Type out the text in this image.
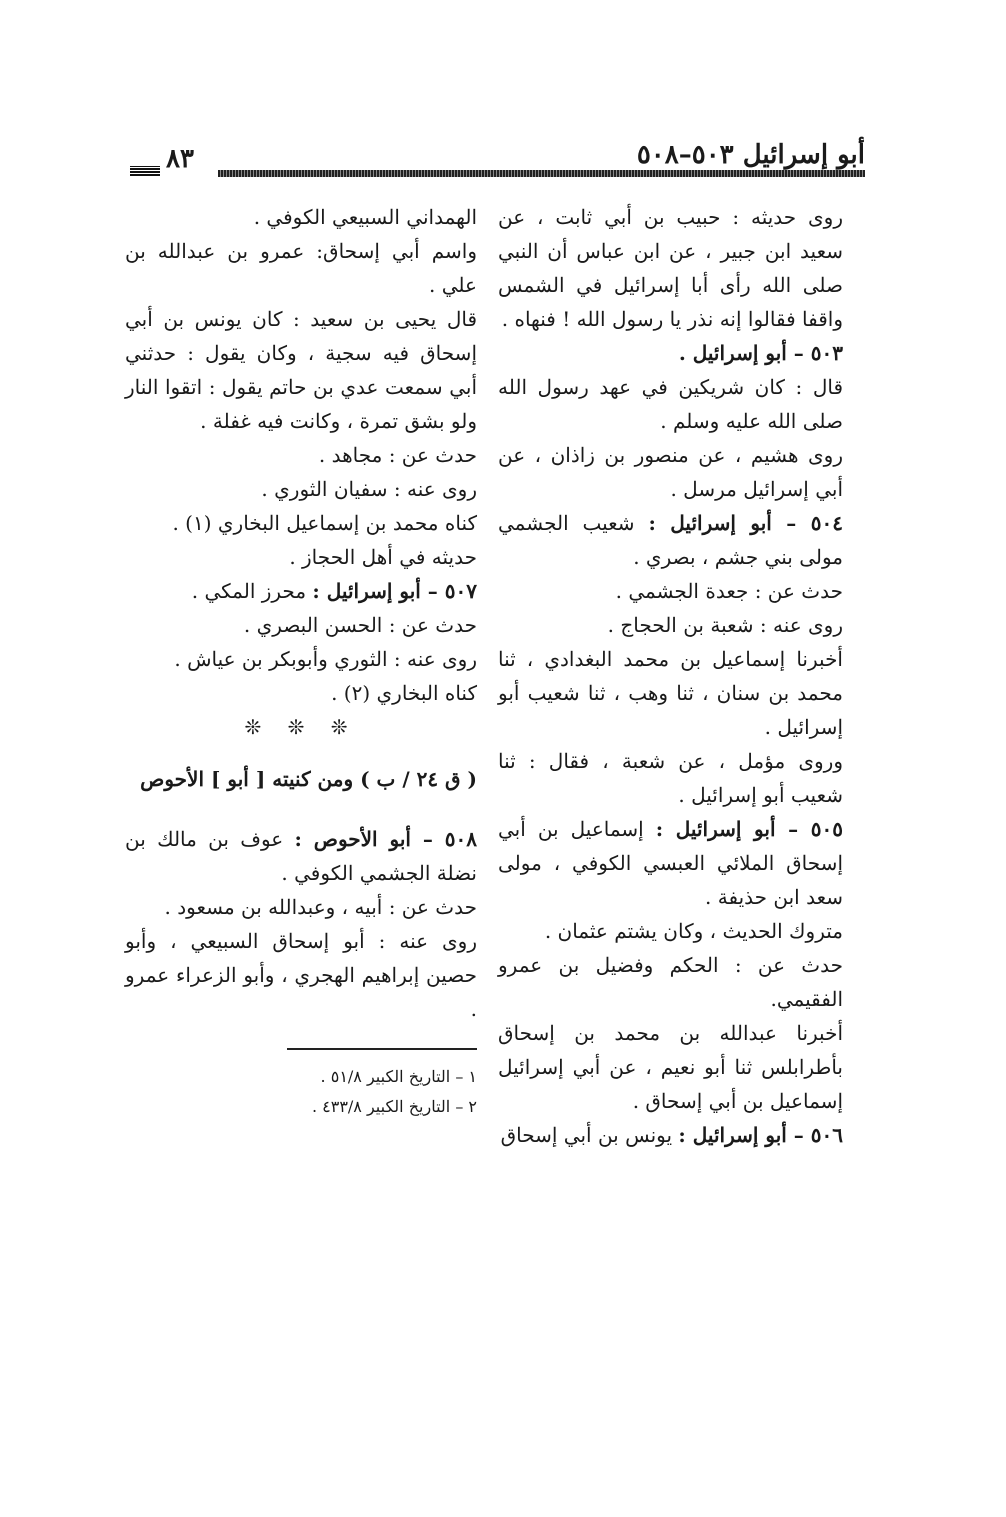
أبو إسرائيل ٥٠٣–٥٠٨
٨٣

روى حديثه : حبيب بن أبي ثابت ، عن سعيد ابن جبير ، عن ابن عباس أن النبي صلى الله رأى أبا إسرائيل في الشمس واقفا فقالوا إنه نذر يا رسول الله ! فنهاه .

٥٠٣ – أبو إسرائيل .

قال : كان شريكين في عهد رسول الله صلى الله عليه وسلم .

روى هشيم ، عن منصور بن زاذان ، عن أبي إسرائيل مرسل .

٥٠٤ – أبو إسرائيل : شعيب الجشمي مولى بني جشم ، بصري .

حدث عن : جعدة الجشمي .

روى عنه : شعبة بن الحجاج .

أخبرنا إسماعيل بن محمد البغدادي ، ثنا محمد بن سنان ، ثنا وهب ، ثنا شعيب أبو إسرائيل .

وروى مؤمل ، عن شعبة ، فقال : ثنا شعيب أبو إسرائيل .

٥٠٥ – أبو إسرائيل : إسماعيل بن أبي إسحاق الملائي العبسي الكوفي ، مولى سعد ابن حذيفة .

متروك الحديث ، وكان يشتم عثمان .

حدث عن : الحكم وفضيل بن عمرو الفقيمي.

أخبرنا عبدالله بن محمد بن إسحاق بأطرابلس ثنا أبو نعيم ، عن أبي إسرائيل إسماعيل بن أبي إسحاق .

٥٠٦ – أبو إسرائيل : يونس بن أبي إسحاق

الهمداني السبيعي الكوفي .

واسم أبي إسحاق: عمرو بن عبدالله بن علي .

قال يحيى بن سعيد : كان يونس بن أبي إسحاق فيه سجية ، وكان يقول : حدثني أبي سمعت عدي بن حاتم يقول : اتقوا النار ولو بشق تمرة ، وكانت فيه غفلة .

حدث عن : مجاهد .

روى عنه : سفيان الثوري .

كناه محمد بن إسماعيل البخاري (١) .

حديثه في أهل الحجاز .

٥٠٧ – أبو إسرائيل : محرز المكي .

حدث عن : الحسن البصري .

روى عنه : الثوري وأبوبكر بن عياش .

كناه البخاري (٢) .

❊ ❊ ❊

( ق ٢٤ / ب ) ومن كنيته [ أبو ] الأحوص

٥٠٨ – أبو الأحوص : عوف بن مالك بن نضلة الجشمي الكوفي .

حدث عن : أبيه ، وعبدالله بن مسعود .

روى عنه : أبو إسحاق السبيعي ، وأبو حصين إبراهيم الهجري ، وأبو الزعراء عمرو .

١ – التاريخ الكبير ٥١/٨ .

٢ – التاريخ الكبير ٤٣٣/٨ .
